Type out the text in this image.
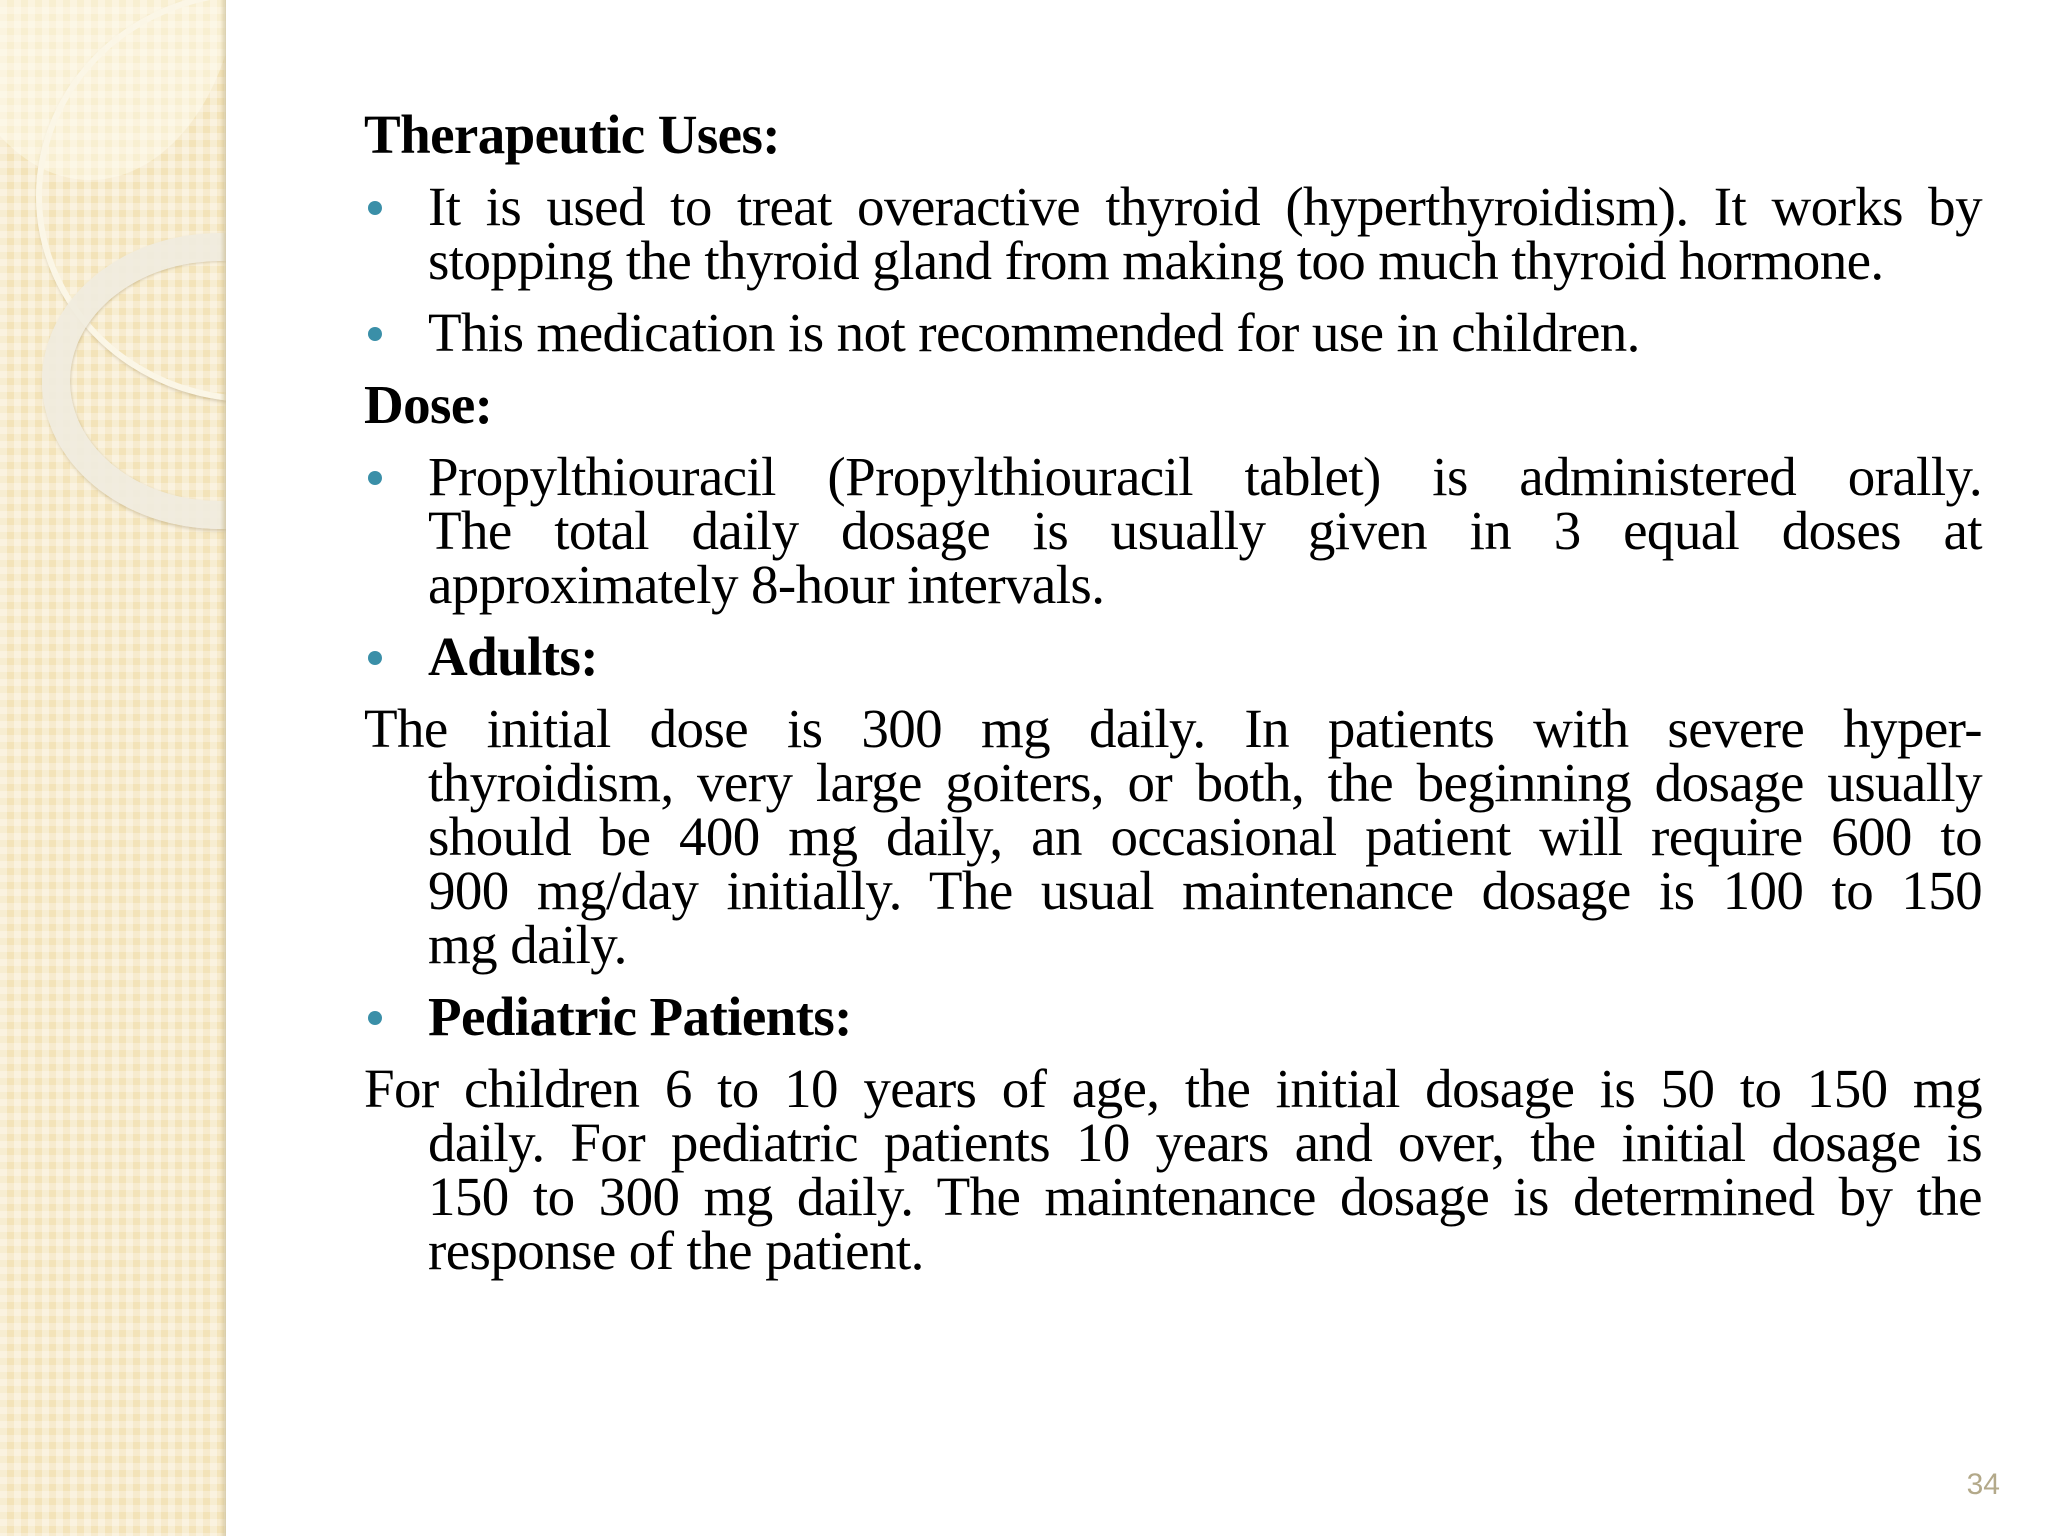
Therapeutic Uses:
It is used to treat overactive thyroid (hyperthyroidism). It works by
stopping the thyroid gland from making too much thyroid hormone.
This medication is not recommended for use in children.
Dose:
Propylthiouracil (Propylthiouracil tablet) is administered orally.
The total daily dosage is usually given in 3 equal doses at
approximately 8-hour intervals.
Adults:
The initial dose is 300 mg daily. In patients with severe hyper-
thyroidism, very large goiters, or both, the beginning dosage usually
should be 400 mg daily, an occasional patient will require 600 to
900 mg/day initially. The usual maintenance dosage is 100 to 150
mg daily.
Pediatric Patients:
For children 6 to 10 years of age, the initial dosage is 50 to 150 mg
daily. For pediatric patients 10 years and over, the initial dosage is
150 to 300 mg daily. The maintenance dosage is determined by the
response of the patient.
34
